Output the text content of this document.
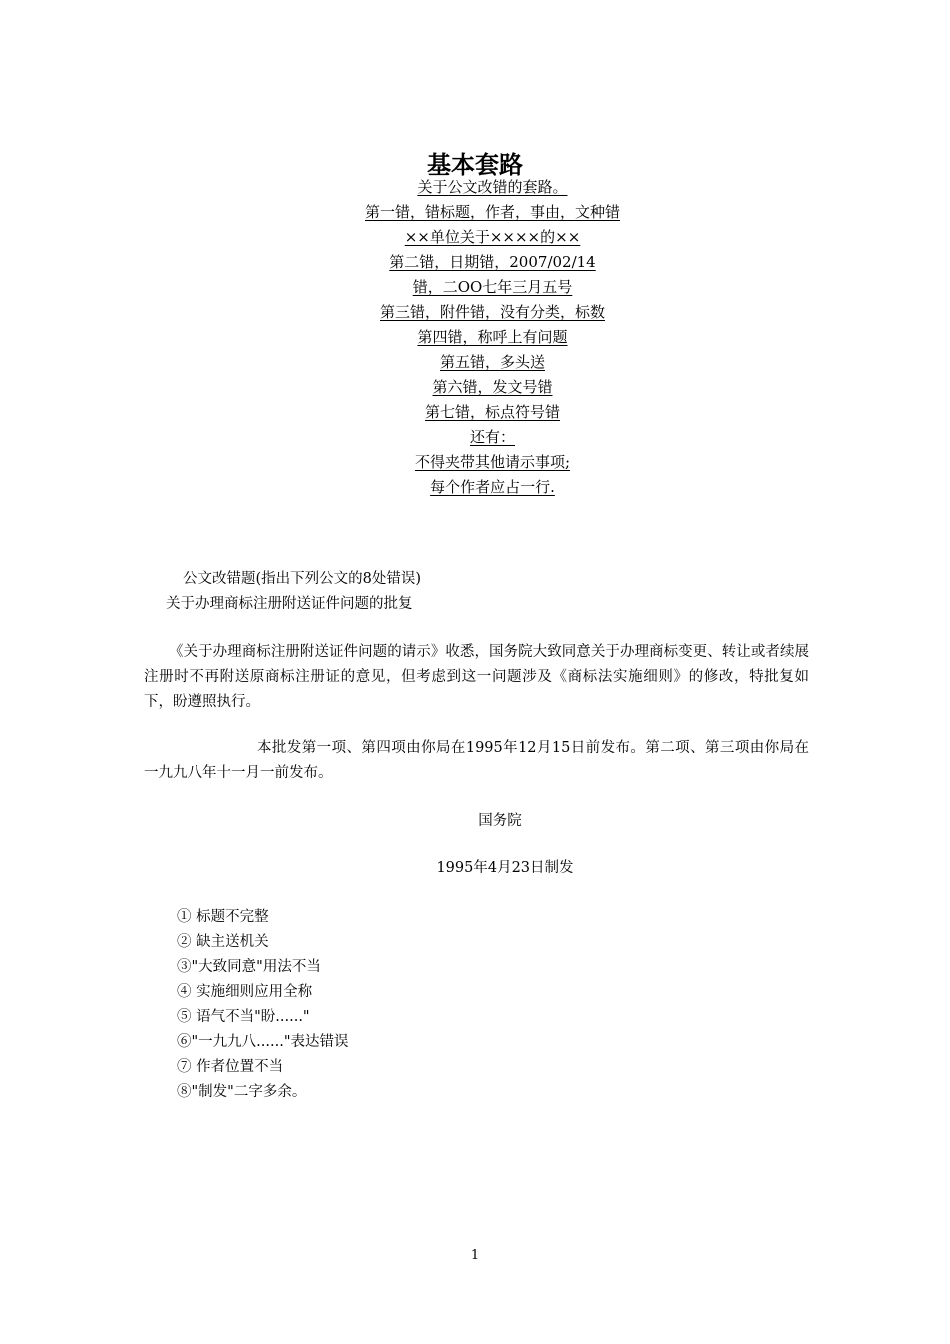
基本套路
关于公文改错的套路。
第一错，错标题，作者，事由，文种错
××单位关于××××的××
第二错，日期错，2007/02/14
错，二OO七年三月五号
第三错，附件错，没有分类，标数
第四错，称呼上有问题
第五错，多头送
第六错，发文号错
第七错，标点符号错
还有：
不得夹带其他请示事项;
每个作者应占一行.

公文改错题(指出下列公文的8处错误)

关于办理商标注册附送证件问题的批复

《关于办理商标注册附送证件问题的请示》收悉，国务院大致同意关于办理商标变更、转让或者续展注册时不再附送原商标注册证的意见，但考虑到这一问题涉及《商标法实施细则》的修改，特批复如下，盼遵照执行。

本批发第一项、第四项由你局在1995年12月15日前发布。第二项、第三项由你局在一九九八年十一月一前发布。

国务院

1995年4月23日制发

① 标题不完整
② 缺主送机关
③"大致同意"用法不当
④ 实施细则应用全称
⑤ 语气不当"盼......"
⑥"一九九八......"表达错误
⑦ 作者位置不当
⑧"制发"二字多余。
1
